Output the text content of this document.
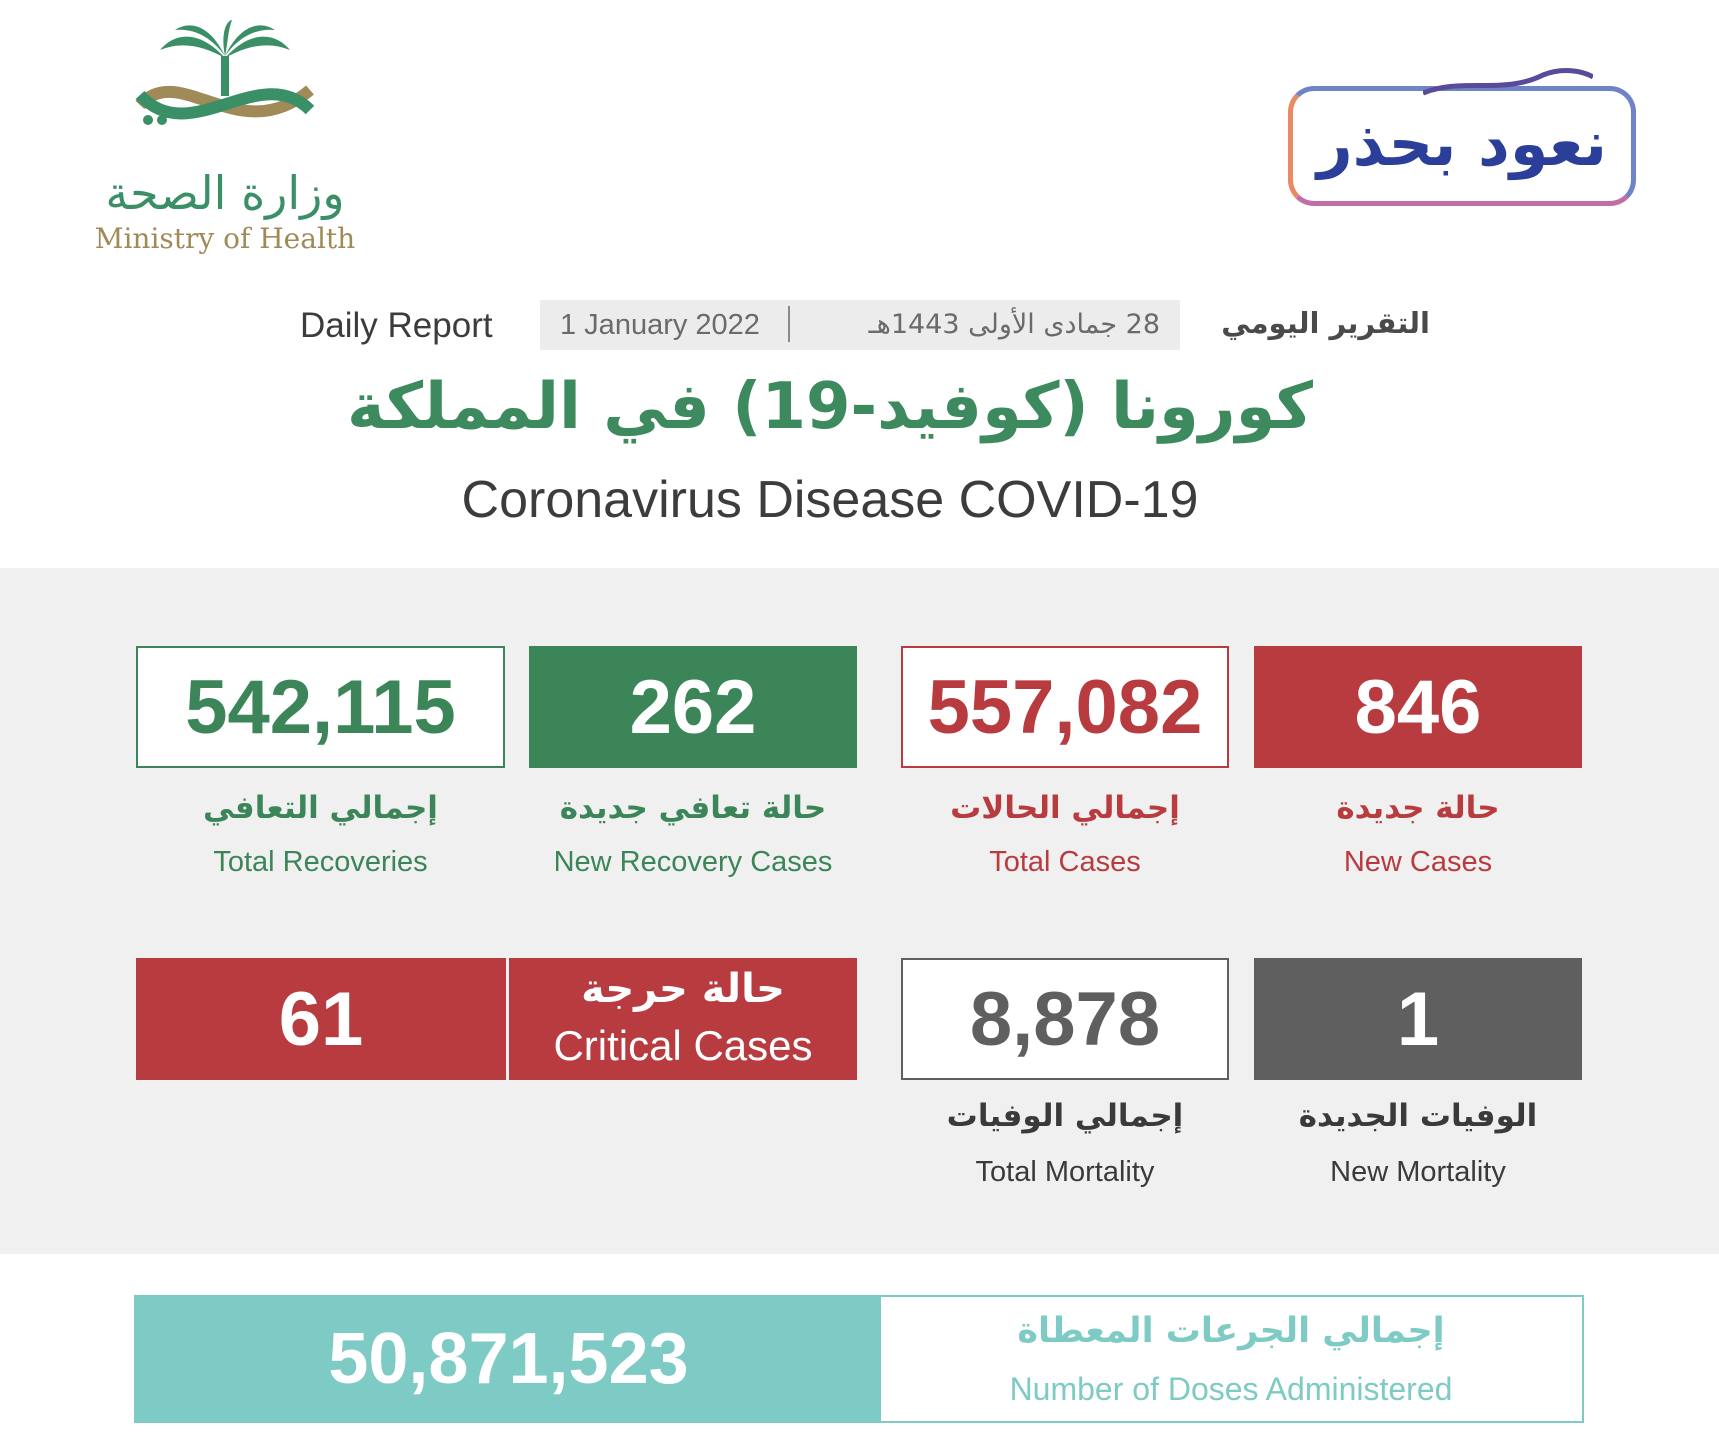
وزارة الصحة
Ministry of Health
نعود بحذر
Daily Report 1 January 2022	28 جمادى الأولى 1443هـ	التقرير اليومي
كورونا (كوفيد-19) في المملكة
Coronavirus Disease COVID-19
542,115
إجمالي التعافي
Total Recoveries
262
حالة تعافي جديدة
New Recovery Cases
557,082
إجمالي الحالات
Total Cases
846
حالة جديدة
New Cases
61	حالة حرجة
Critical Cases	8,878
إجمالي الوفيات
Total Mortality
1
الوفيات الجديدة
New Mortality
50,871,523	إجمالي الجرعات المعطاة
Number of Doses Administered
